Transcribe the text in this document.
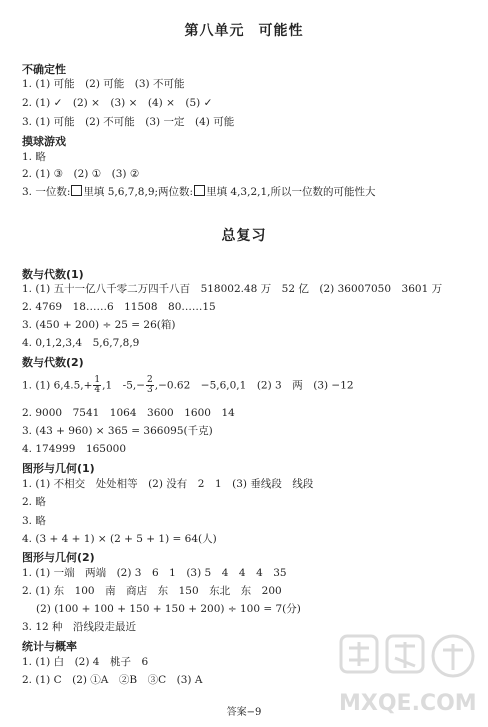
第八单元 可能性
不确定性
1. (1) 可能　(2) 可能　(3) 不可能
2. (1) ✓　(2) ×　(3) ×　(4) ×　(5) ✓
3. (1) 可能　(2) 不可能　(3) 一定　(4) 可能
摸球游戏
1. 略
2. (1) ③　(2) ①　(3) ②
3. 一位数: 里填 5,6,7,8,9;两位数: 里填 4,3,2,1,所以一位数的可能性大
总复习
数与代数(1)
1. (1) 五十一亿八千零二万四千八百　518002.48 万　52 亿　(2) 36007050　3601 万
2. 4769　18……6　11508　80……15
3. (450 + 200) ÷ 25 = 26(箱)
4. 0,1,2,3,4　5,6,7,8,9
数与代数(2)
1. (1) $6,4.5,+ \frac{1}{4} ,1$　$-5,- \frac{2}{3} ,-0.62$　−5,6,0,1　(2) 3　两　(3) −12
2. 9000　7541　1064　3600　1600　14
3. (43 + 960) × 365 = 366095(千克)
4. 174999　165000
图形与几何(1)
1. (1) 不相交　处处相等　(2) 没有　2　1　(3) 垂线段　线段
2. 略
3. 略
4. (3 + 4 + 1) × (2 + 5 + 1) = 64(人)
图形与几何(2)
1. (1) 一端　两端　(2) 3　6　1　(3) 5　4　4　4　35
2. (1) 东　100　南　商店　东　150　东北　东　200
(2) (100 + 100 + 150 + 150 + 200) ÷ 100 = 7(分)
3. 12 种　沿线段走最近
统计与概率
1. (1) 白　(2) 4　桃子　6
2. (1) C　(2) ①A　②B　③C　(3) A
答案−9	MXQE.COM
